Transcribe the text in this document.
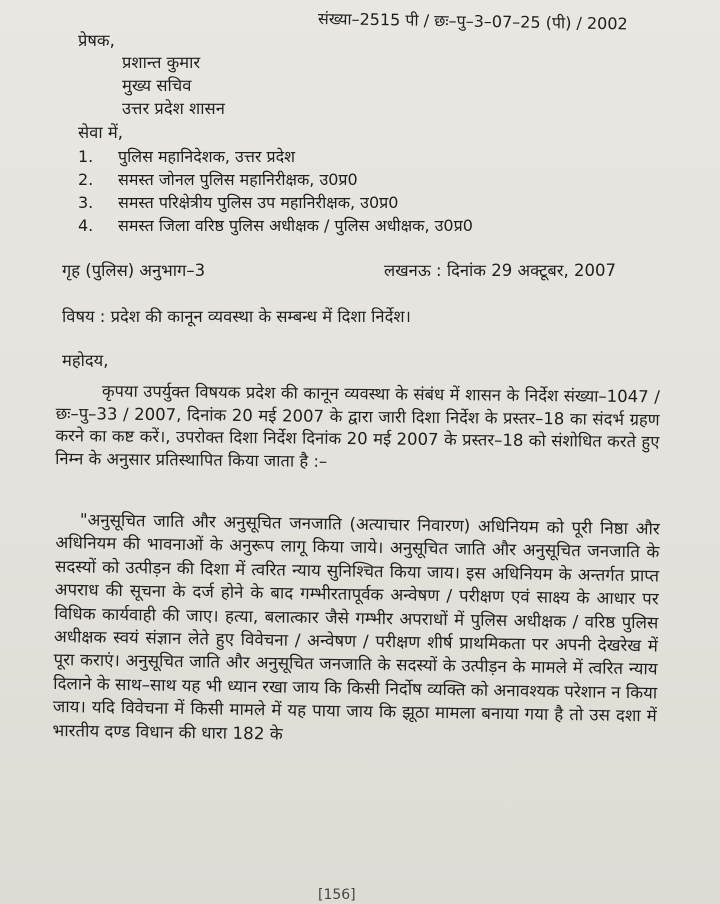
संख्या–2515 पी / छः–पु–3–07–25 (पी) / 2002
प्रेषक,
प्रशान्त कुमार
मुख्य सचिव
उत्तर प्रदेश शासन
सेवा में,
1. पुलिस महानिदेशक, उत्तर प्रदेश
2. समस्त जोनल पुलिस महानिरीक्षक, उ0प्र0
3. समस्त परिक्षेत्रीय पुलिस उप महानिरीक्षक, उ0प्र0
4. समस्त जिला वरिष्ठ पुलिस अधीक्षक / पुलिस अधीक्षक, उ0प्र0
गृह (पुलिस) अनुभाग–3	लखनऊ : दिनांक 29 अक्टूबर, 2007
विषय : प्रदेश की कानून व्यवस्था के सम्बन्ध में दिशा निर्देश।
महोदय,

कृपया उपर्युक्त विषयक प्रदेश की कानून व्यवस्था के संबंध में शासन के निर्देश संख्या–1047 / छः–पु–33 / 2007, दिनांक 20 मई 2007 के द्वारा जारी दिशा निर्देश के प्रस्तर–18 का संदर्भ ग्रहण करने का कष्ट करें।, उपरोक्त दिशा निर्देश दिनांक 20 मई 2007 के प्रस्तर–18 को संशोधित करते हुए निम्न के अनुसार प्रतिस्थापित किया जाता है :–

"अनुसूचित जाति और अनुसूचित जनजाति (अत्याचार निवारण) अधिनियम को पूरी निष्ठा और अधिनियम की भावनाओं के अनुरूप लागू किया जाये। अनुसूचित जाति और अनुसूचित जनजाति के सदस्यों को उत्पीड़न की दिशा में त्वरित न्याय सुनिश्चित किया जाय। इस अधिनियम के अन्तर्गत प्राप्त अपराध की सूचना के दर्ज होने के बाद गम्भीरतापूर्वक अन्वेषण / परीक्षण एवं साक्ष्य के आधार पर विधिक कार्यवाही की जाए। हत्या, बलात्कार जैसे गम्भीर अपराधों में पुलिस अधीक्षक / वरिष्ठ पुलिस अधीक्षक स्वयं संज्ञान लेते हुए विवेचना / अन्वेषण / परीक्षण शीर्ष प्राथमिकता पर अपनी देखरेख में पूरा कराएं। अनुसूचित जाति और अनुसूचित जनजाति के सदस्यों के उत्पीड़न के मामले में त्वरित न्याय दिलाने के साथ–साथ यह भी ध्यान रखा जाय कि किसी निर्दोष व्यक्ति को अनावश्यक परेशान न किया जाय। यदि विवेचना में किसी मामले में यह पाया जाय कि झूठा मामला बनाया गया है तो उस दशा में भारतीय दण्ड विधान की धारा 182 के

[156]
